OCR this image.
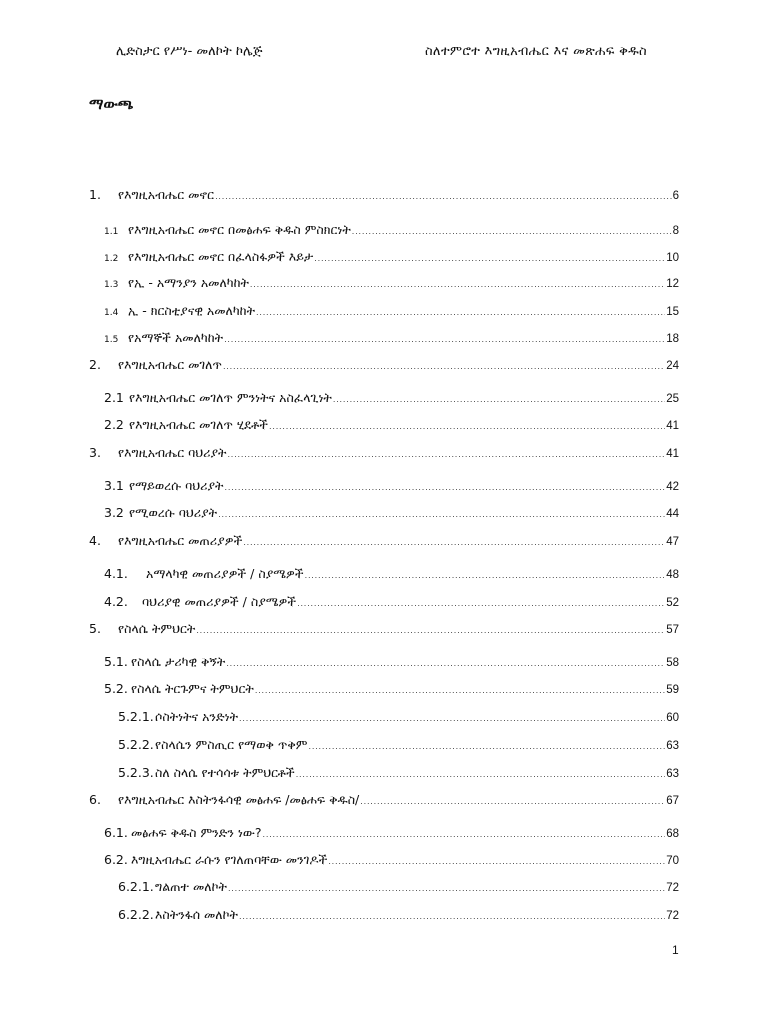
ሊድስታር የሥነ- መለኮት ኮሌጅ	ስለተምሮተ እግዚአብሔር እና መጽሐፍ ቅዱስ
ማውጫ
1.	የእግዚአብሔር መኖር .....	6
1.1 የእግዚአብሔር መኖር በመፅሐፍ ቅዱስ ምስክርነት .....	8
1.2 የእግዚአብሔር መኖር በፈላስፋዎች እይታ .....	10
1.3 የኢ - አማንያን አመለካከት .....	12
1.4 ኢ - ክርስቲያናዊ አመለካከት .....	15
1.5 የአማኞች አመለካከት .....	18
2.	የእግዚአብሔር መገለጥ .....	24
2.1 የእግዚአብሔር መገለጥ ምንነትና አስፈላጊነት .....	25
2.2 የእግዚአብሔር መገለጥ ሂደቶች .....	41
3.	የእግዚአብሔር ባህሪያት .....	41
3.1 የማይወረሱ ባህሪያት .....	42
3.2 የሚወረሱ ባህሪያት .....	44
4.	የእግዚአብሔር መጠሪያዎች .....	47
4.1.	አማላካዊ መጠሪያዎች / ስያሜዎች .....	48
4.2.	ባህሪያዊ መጠሪያዎች / ስያሜዎች .....	52
5.	የስላሴ ትምህርት .....	57
5.1. የስላሴ ታሪካዊ ቅኝት .....	58
5.2. የስላሴ ትርጉምና ትምህርት .....	59
5.2.1. ሶስትነትና አንድነት .....	60
5.2.2. የስላሴን ምስጢር የማወቅ ጥቅም .....	63
5.2.3. ስለ ስላሴ የተሳሳቱ ትምህርቶች .....	63
6.	የእግዚአብሔር እስትንፋሳዊ መፅሐፍ /መፅሐፍ ቅዱስ/ .....	67
6.1. መፅሐፍ ቅዱስ ምንድን ነው? .....	68
6.2. እግዚአብሔር ራሱን የገለጠባቸው መንገዶች .....	70
6.2.1. ግልጠተ መለኮት .....	72
6.2.2. እስትንፋሰ መለኮት .....	72
1
